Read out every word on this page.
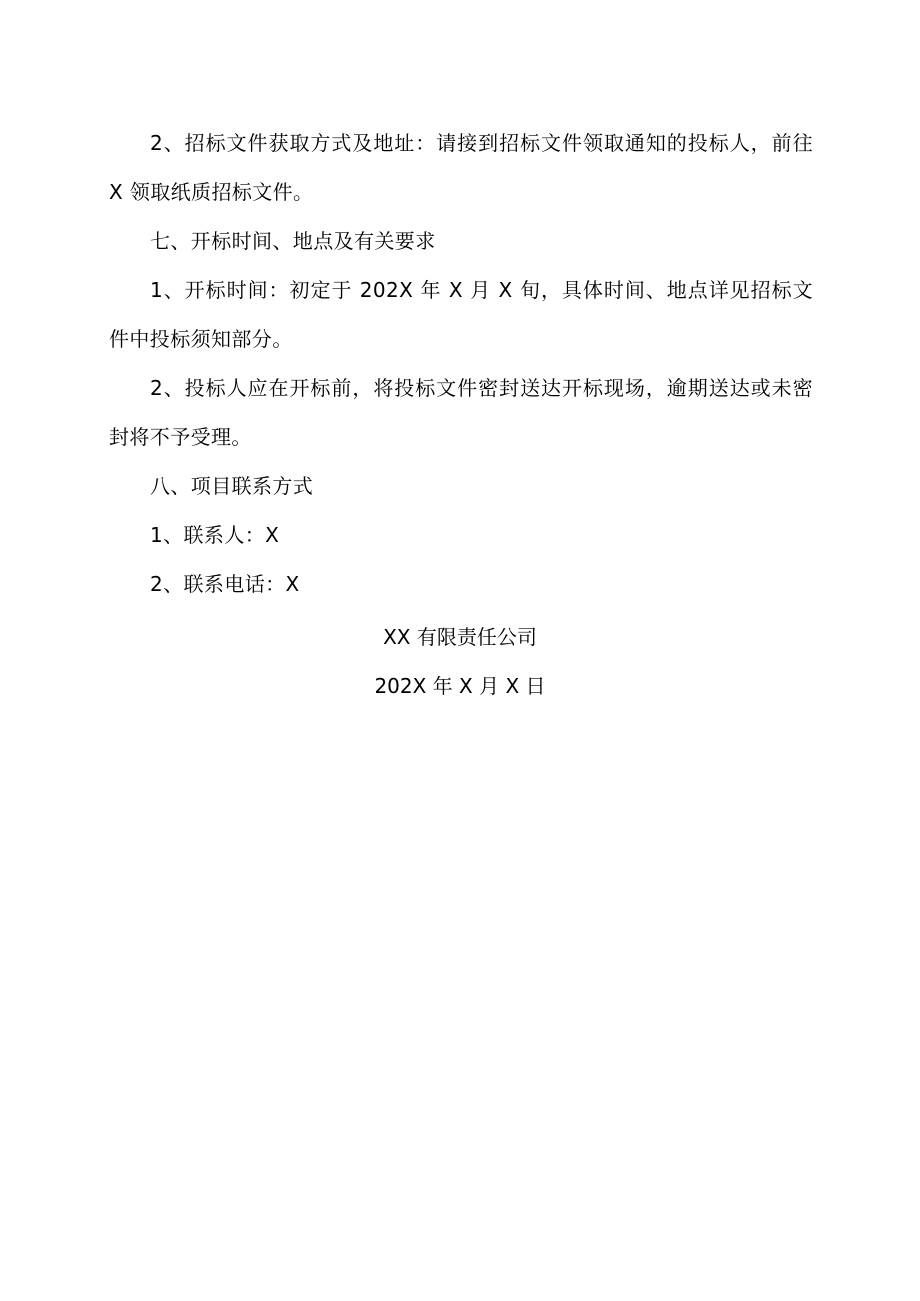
2、招标文件获取方式及地址：请接到招标文件领取通知的投标人，前往 X 领取纸质招标文件。

七、开标时间、地点及有关要求

1、开标时间：初定于 202X 年 X 月 X 旬，具体时间、地点详见招标文件中投标须知部分。

2、投标人应在开标前，将投标文件密封送达开标现场，逾期送达或未密封将不予受理。

八、项目联系方式

1、联系人：X

2、联系电话：X

XX 有限责任公司

202X 年 X 月 X 日
